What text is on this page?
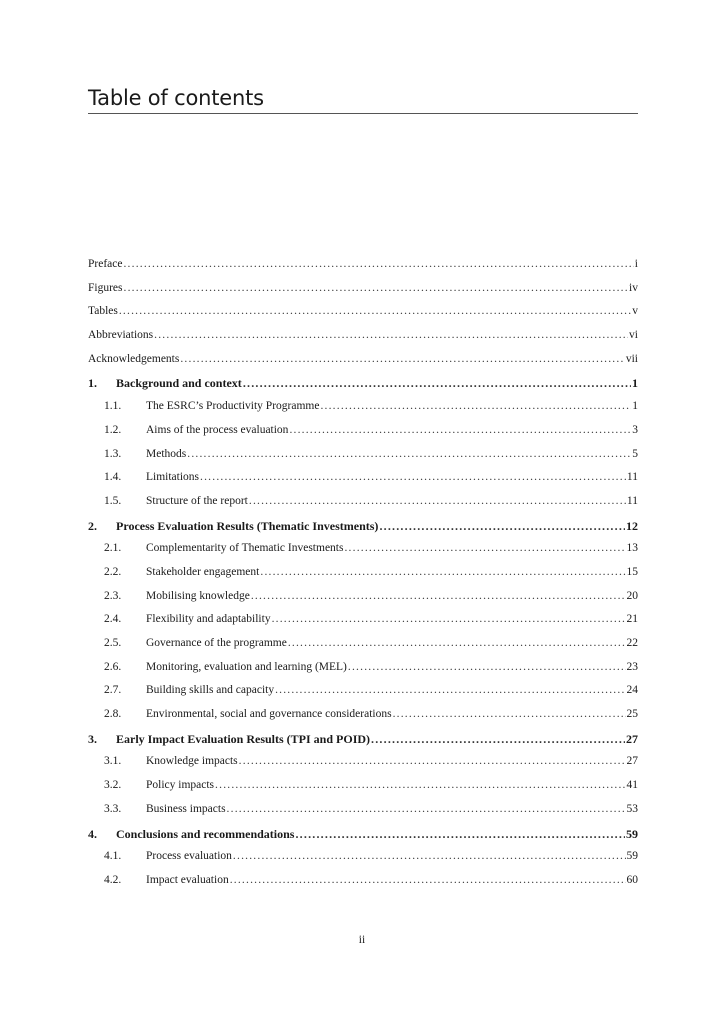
Table of contents
Preface .....	i
Figures .....	iv
Tables .....	v
Abbreviations .....	vi
Acknowledgements .....	vii
1.	Background and context .....	1
1.1.	The ESRC’s Productivity Programme .....	1
1.2.	Aims of the process evaluation .....	3
1.3.	Methods .....	5
1.4.	Limitations .....	11
1.5.	Structure of the report .....	11
2.	Process Evaluation Results (Thematic Investments) .....	12
2.1.	Complementarity of Thematic Investments .....	13
2.2.	Stakeholder engagement .....	15
2.3.	Mobilising knowledge .....	20
2.4.	Flexibility and adaptability .....	21
2.5.	Governance of the programme .....	22
2.6.	Monitoring, evaluation and learning (MEL) .....	23
2.7.	Building skills and capacity .....	24
2.8.	Environmental, social and governance considerations .....	25
3.	Early Impact Evaluation Results (TPI and POID) .....	27
3.1.	Knowledge impacts .....	27
3.2.	Policy impacts .....	41
3.3.	Business impacts .....	53
4.	Conclusions and recommendations .....	59
4.1.	Process evaluation .....	59
4.2.	Impact evaluation .....	60
ii
